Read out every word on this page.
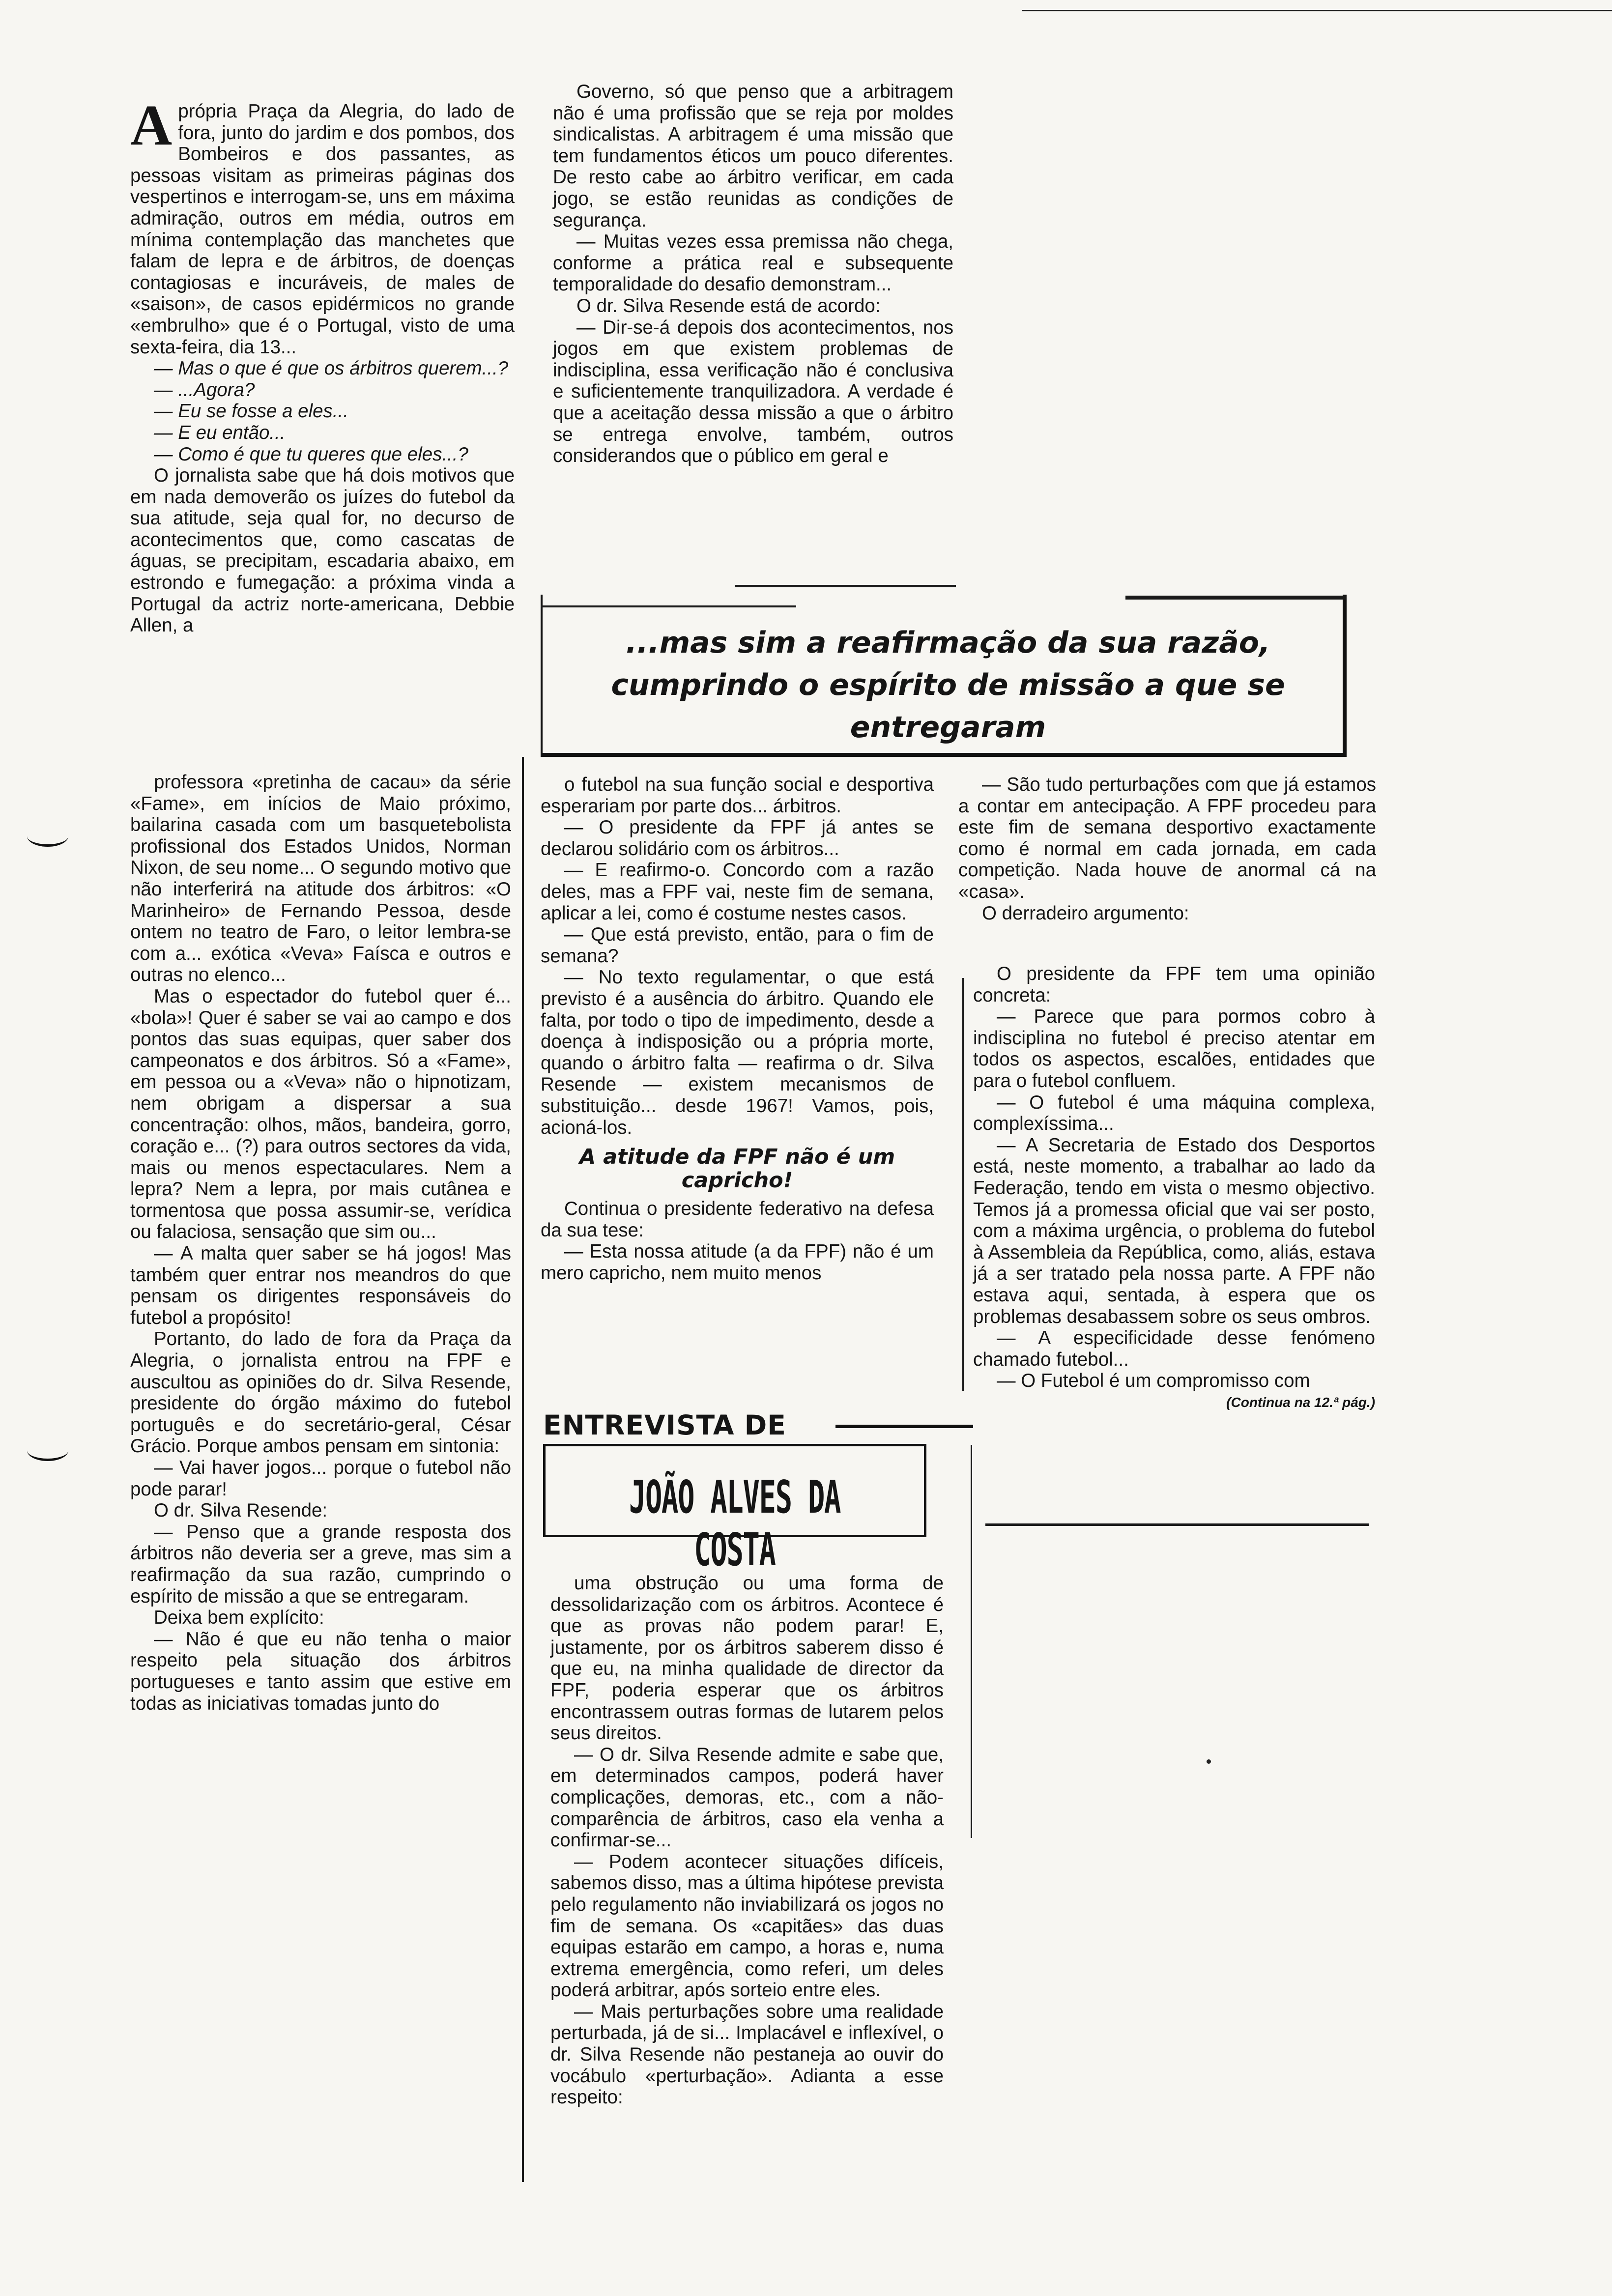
A própria Praça da Alegria, do lado de fora, junto do jardim e dos pombos, dos Bombeiros e dos passantes, as pessoas visitam as primeiras páginas dos vespertinos e interrogam-se, uns em máxima admiração, outros em média, outros em mínima contemplação das manchetes que falam de lepra e de árbitros, de doenças contagiosas e incuráveis, de males de «saison», de casos epidérmicos no grande «embrulho» que é o Portugal, visto de uma sexta-feira, dia 13...

— Mas o que é que os árbitros querem...?

— ...Agora?

— Eu se fosse a eles...

— E eu então...

— Como é que tu queres que eles...?

O jornalista sabe que há dois motivos que em nada demoverão os juízes do futebol da sua atitude, seja qual for, no decurso de acontecimentos que, como cascatas de águas, se precipitam, escadaria abaixo, em estrondo e fumegação: a próxima vinda a Portugal da actriz norte-americana, Debbie Allen, a

professora «pretinha de cacau» da série «Fame», em inícios de Maio próximo, bailarina casada com um basquetebolista profissional dos Estados Unidos, Norman Nixon, de seu nome... O segundo motivo que não interferirá na atitude dos árbitros: «O Marinheiro» de Fernando Pessoa, desde ontem no teatro de Faro, o leitor lembra-se com a... exótica «Veva» Faísca e outros e outras no elenco...

Mas o espectador do futebol quer é... «bola»! Quer é saber se vai ao campo e dos pontos das suas equipas, quer saber dos campeonatos e dos árbitros. Só a «Fame», em pessoa ou a «Veva» não o hipnotizam, nem obrigam a dispersar a sua concentração: olhos, mãos, bandeira, gorro, coração e... (?) para outros sectores da vida, mais ou menos espectaculares. Nem a lepra? Nem a lepra, por mais cutânea e tormentosa que possa assumir-se, verídica ou falaciosa, sensação que sim ou...

— A malta quer saber se há jogos! Mas também quer entrar nos meandros do que pensam os dirigentes responsáveis do futebol a propósito!

Portanto, do lado de fora da Praça da Alegria, o jornalista entrou na FPF e auscultou as opiniões do dr. Silva Resende, presidente do órgão máximo do futebol português e do secretário-geral, César Grácio. Porque ambos pensam em sintonia:

— Vai haver jogos... porque o futebol não pode parar!

O dr. Silva Resende:

— Penso que a grande resposta dos árbitros não deveria ser a greve, mas sim a reafirmação da sua razão, cumprindo o espírito de missão a que se entregaram.

Deixa bem explícito:

— Não é que eu não tenha o maior respeito pela situação dos árbitros portugueses e tanto assim que estive em todas as iniciativas tomadas junto do

Governo, só que penso que a arbitragem não é uma profissão que se reja por moldes sindicalistas. A arbitragem é uma missão que tem fundamentos éticos um pouco diferentes. De resto cabe ao árbitro verificar, em cada jogo, se estão reunidas as condições de segurança.

— Muitas vezes essa premissa não chega, conforme a prática real e subsequente temporalidade do desafio demonstram...

O dr. Silva Resende está de acordo:

— Dir-se-á depois dos acontecimentos, nos jogos em que existem problemas de indisciplina, essa verificação não é conclusiva e suficientemente tranquilizadora. A verdade é que a aceitação dessa missão a que o árbitro se entrega envolve, também, outros considerandos que o público em geral e

...mas sim a reafirmação da sua razão, cumprindo o espírito de missão a que se entregaram

o futebol na sua função social e desportiva esperariam por parte dos... árbitros.

— O presidente da FPF já antes se declarou solidário com os árbitros...

— E reafirmo-o. Concordo com a razão deles, mas a FPF vai, neste fim de semana, aplicar a lei, como é costume nestes casos.

— Que está previsto, então, para o fim de semana?

— No texto regulamentar, o que está previsto é a ausência do árbitro. Quando ele falta, por todo o tipo de impedimento, desde a doença à indisposição ou a própria morte, quando o árbitro falta — reafirma o dr. Silva Resende — existem mecanismos de substituição... desde 1967! Vamos, pois, acioná-los.

A atitude da FPF não é um capricho!

Continua o presidente federativo na defesa da sua tese:

— Esta nossa atitude (a da FPF) não é um mero capricho, nem muito menos

ENTREVISTA DE
JOÃO ALVES DA COSTA

uma obstrução ou uma forma de dessolidarização com os árbitros. Acontece é que as provas não podem parar! E, justamente, por os árbitros saberem disso é que eu, na minha qualidade de director da FPF, poderia esperar que os árbitros encontrassem outras formas de lutarem pelos seus direitos.

— O dr. Silva Resende admite e sabe que, em determinados campos, poderá haver complicações, demoras, etc., com a não-comparência de árbitros, caso ela venha a confirmar-se...

— Podem acontecer situações difíceis, sabemos disso, mas a última hipótese prevista pelo regulamento não inviabilizará os jogos no fim de semana. Os «capitães» das duas equipas estarão em campo, a horas e, numa extrema emergência, como referi, um deles poderá arbitrar, após sorteio entre eles.

— Mais perturbações sobre uma realidade perturbada, já de si... Implacável e inflexível, o dr. Silva Resende não pestaneja ao ouvir do vocábulo «perturbação». Adianta a esse respeito:

— São tudo perturbações com que já estamos a contar em antecipação. A FPF procedeu para este fim de semana desportivo exactamente como é normal em cada jornada, em cada competição. Nada houve de anormal cá na «casa».

O derradeiro argumento:

O presidente da FPF tem uma opinião concreta:

— Parece que para pormos cobro à indisciplina no futebol é preciso atentar em todos os aspectos, escalões, entidades que para o futebol confluem.

— O futebol é uma máquina complexa, complexíssima...

— A Secretaria de Estado dos Desportos está, neste momento, a trabalhar ao lado da Federação, tendo em vista o mesmo objectivo. Temos já a promessa oficial que vai ser posto, com a máxima urgência, o problema do futebol à Assembleia da República, como, aliás, estava já a ser tratado pela nossa parte. A FPF não estava aqui, sentada, à espera que os problemas desabassem sobre os seus ombros.

— A especificidade desse fenómeno chamado futebol...

— O Futebol é um compromisso com

(Continua na 12.ª pág.)
